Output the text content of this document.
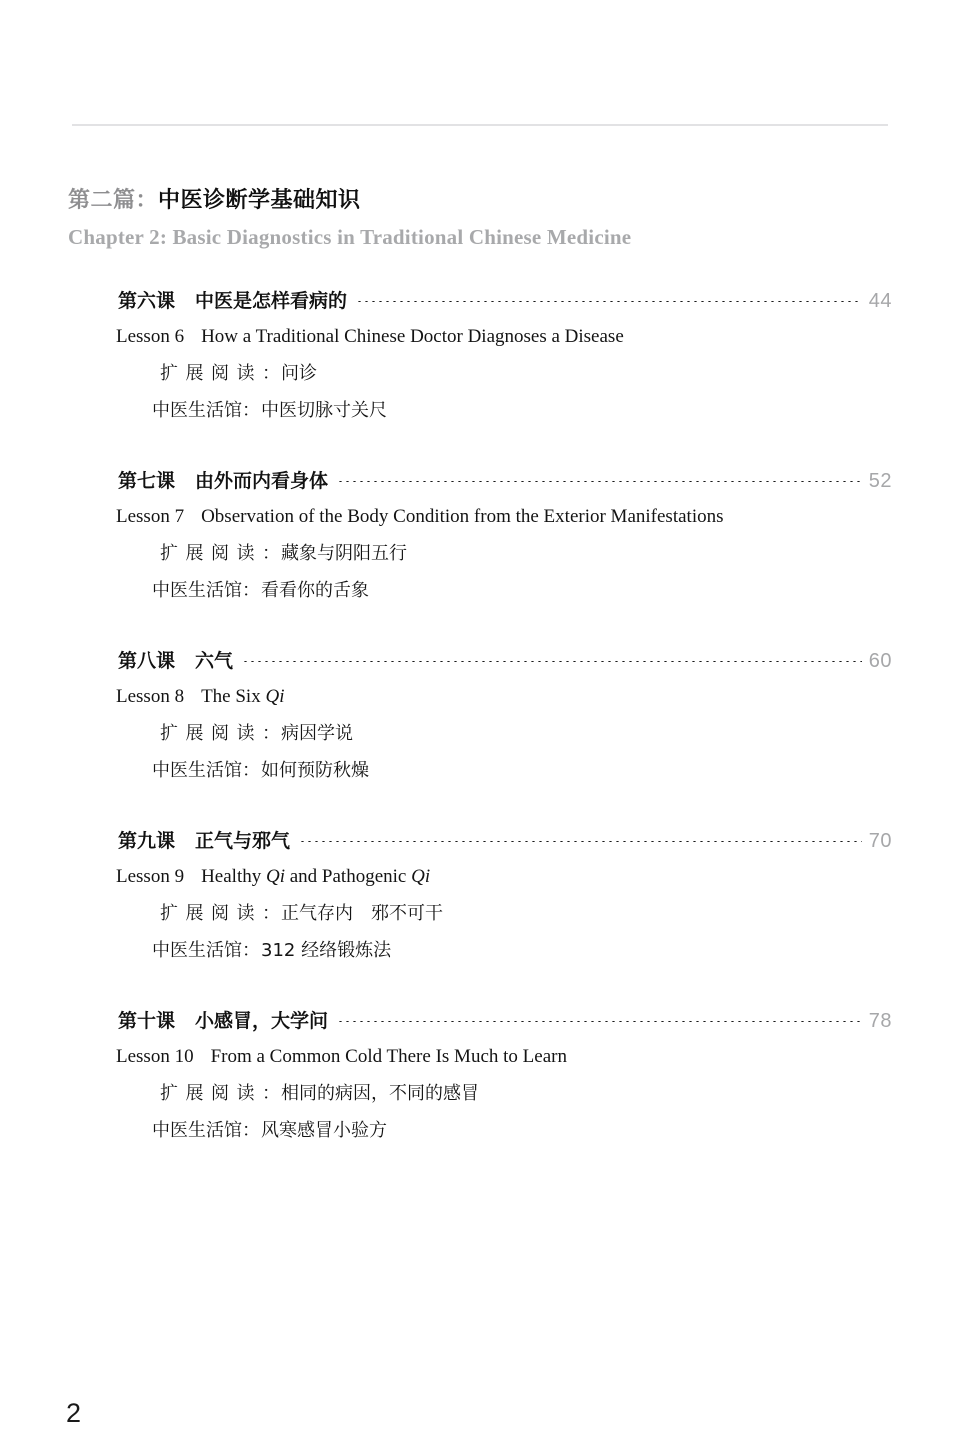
第二篇：中医诊断学基础知识
Chapter 2: Basic Diagnostics in Traditional Chinese Medicine
第六课 中医是怎样看病的	44
Lesson 6 How a Traditional Chinese Doctor Diagnoses a Disease
扩展阅读：问诊
中医生活馆：中医切脉寸关尺
第七课 由外而内看身体	52
Lesson 7 Observation of the Body Condition from the Exterior Manifestations
扩展阅读：藏象与阴阳五行
中医生活馆：看看你的舌象
第八课 六气	60
Lesson 8 The Six Qi
扩展阅读：病因学说
中医生活馆：如何预防秋燥
第九课 正气与邪气	70
Lesson 9 Healthy Qi and Pathogenic Qi
扩展阅读：正气存内　邪不可干
中医生活馆：312 经络锻炼法
第十课 小感冒，大学问	78
Lesson 10 From a Common Cold There Is Much to Learn
扩展阅读：相同的病因，不同的感冒
中医生活馆：风寒感冒小验方
2
